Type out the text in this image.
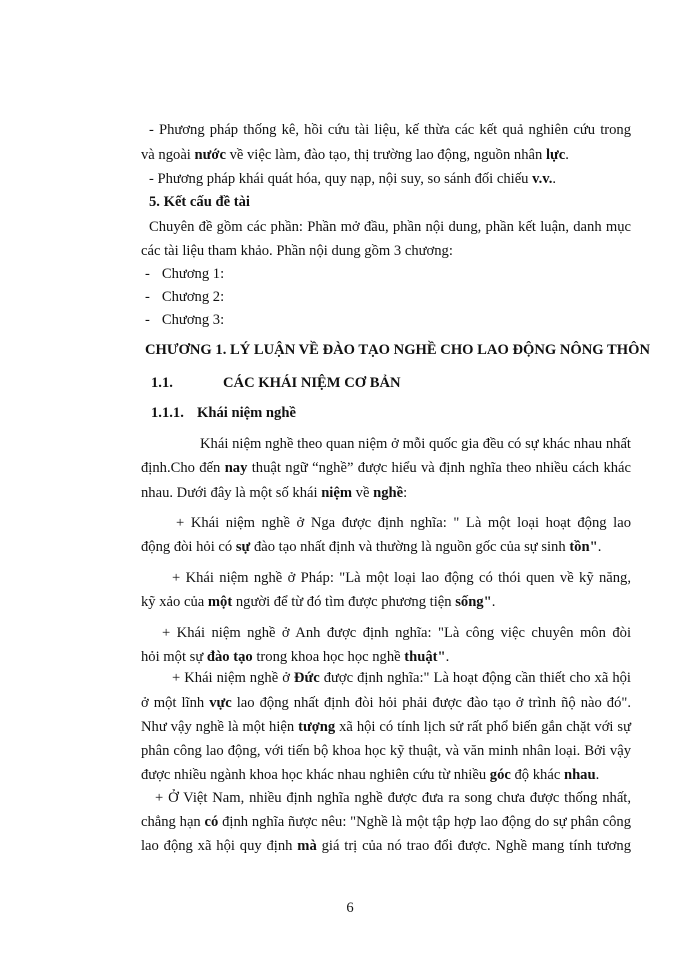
- Phương pháp thống kê, hồi cứu tài liệu, kế thừa các kết quả nghiên cứu trong
và ngoài nước về việc làm, đào tạo, thị trường lao động, nguồn nhân lực.
- Phương pháp khái quát hóa, quy nạp, nội suy, so sánh đối chiếu v.v..
5. Kết cấu đề tài
Chuyên đề gồm các phần: Phần mở đầu, phần nội dung, phần kết luận, danh mục
các tài liệu tham khảo. Phần nội dung gồm 3 chương:
- Chương 1:
- Chương 2:
- Chương 3:
CHƯƠNG 1. LÝ LUẬN VỀ ĐÀO TẠO NGHỀ CHO LAO ĐỘNG NÔNG THÔN
1.1.	CÁC KHÁI NIỆM CƠ BẢN
1.1.1. Khái niệm nghề
Khái niệm nghề theo quan niệm ở mỗi quốc gia đều có sự khác nhau nhất
định.Cho đến nay thuật ngữ “nghề” được hiểu và định nghĩa theo nhiều cách khác
nhau. Dưới đây là một số khái niệm về nghề:
+ Khái niệm nghề ở Nga được định nghĩa: " Là một loại hoạt động lao
động đòi hỏi có sự đào tạo nhất định và thường là nguồn gốc của sự sinh tồn".
+ Khái niệm nghề ở Pháp: "Là một loại lao động có thói quen về kỹ năng,
kỹ xảo của một người để từ đó tìm được phương tiện sống".
+ Khái niệm nghề ở Anh được định nghĩa: "Là công việc chuyên môn đòi
hỏi một sự đào tạo trong khoa học học nghề thuật".
+ Khái niệm nghề ở Đức được định nghĩa:" Là hoạt động cần thiết cho xã hội
ở một lĩnh vực lao động nhất định đòi hỏi phải được đào tạo ở trình ñộ nào đó".
Như vậy nghề là một hiện tượng xã hội có tính lịch sử rất phổ biến gắn chặt với sự
phân công lao động, với tiến bộ khoa học kỹ thuật, và văn minh nhân loại. Bởi vậy
được nhiều ngành khoa học khác nhau nghiên cứu từ nhiều góc độ khác nhau.
+ Ở Việt Nam, nhiều định nghĩa nghề được đưa ra song chưa được thống nhất,
chẳng hạn có định nghĩa ñược nêu: "Nghề là một tập hợp lao động do sự phân công
lao động xã hội quy định mà giá trị của nó trao đổi được. Nghề mang tính tương
6
